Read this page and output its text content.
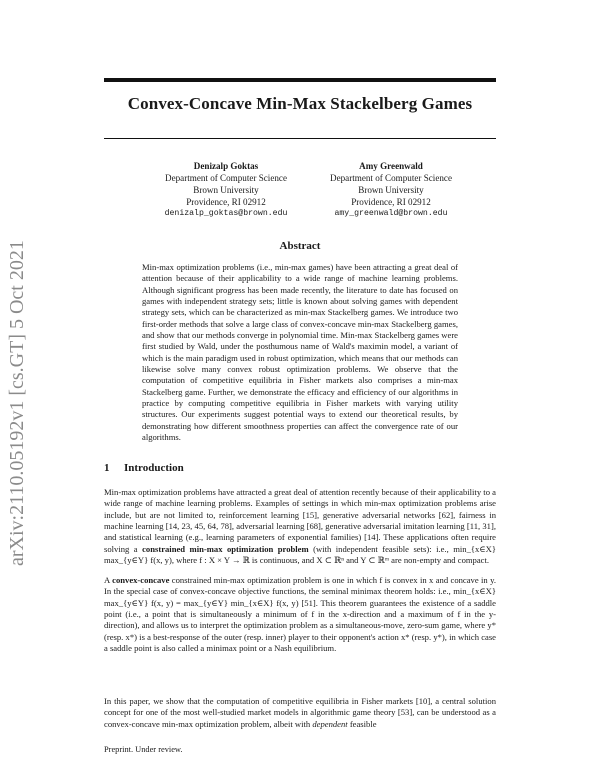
arXiv:2110.05192v1 [cs.GT] 5 Oct 2021
Convex-Concave Min-Max Stackelberg Games
Denizalp Goktas
Department of Computer Science
Brown University
Providence, RI 02912
denizalp_goktas@brown.edu
Amy Greenwald
Department of Computer Science
Brown University
Providence, RI 02912
amy_greenwald@brown.edu
Abstract
Min-max optimization problems (i.e., min-max games) have been attracting a great deal of attention because of their applicability to a wide range of machine learning problems. Although significant progress has been made recently, the literature to date has focused on games with independent strategy sets; little is known about solving games with dependent strategy sets, which can be characterized as min-max Stackelberg games. We introduce two first-order methods that solve a large class of convex-concave min-max Stackelberg games, and show that our methods converge in polynomial time. Min-max Stackelberg games were first studied by Wald, under the posthumous name of Wald's maximin model, a variant of which is the main paradigm used in robust optimization, which means that our methods can likewise solve many convex robust optimization problems. We observe that the computation of competitive equilibria in Fisher markets also comprises a min-max Stackelberg game. Further, we demonstrate the efficacy and efficiency of our algorithms in practice by computing competitive equilibria in Fisher markets with varying utility structures. Our experiments suggest potential ways to extend our theoretical results, by demonstrating how different smoothness properties can affect the convergence rate of our algorithms.
1 Introduction
Min-max optimization problems have attracted a great deal of attention recently because of their applicability to a wide range of machine learning problems. Examples of settings in which min-max optimization problems arise include, but are not limited to, reinforcement learning [15], generative adversarial networks [62], fairness in machine learning [14, 23, 45, 64, 78], adversarial learning [68], generative adversarial imitation learning [11, 31], and statistical learning (e.g., learning parameters of exponential families) [14]. These applications often require solving a constrained min-max optimization problem (with independent feasible sets): i.e., min_{x∈X} max_{y∈Y} f(x, y), where f : X × Y → ℝ is continuous, and X ⊂ ℝⁿ and Y ⊂ ℝᵐ are non-empty and compact.
A convex-concave constrained min-max optimization problem is one in which f is convex in x and concave in y. In the special case of convex-concave objective functions, the seminal minimax theorem holds: i.e., min_{x∈X} max_{y∈Y} f(x, y) = max_{y∈Y} min_{x∈X} f(x, y) [51]. This theorem guarantees the existence of a saddle point (i.e., a point that is simultaneously a minimum of f in the x-direction and a maximum of f in the y-direction), and allows us to interpret the optimization problem as a simultaneous-move, zero-sum game, where y* (resp. x*) is a best-response of the outer (resp. inner) player to their opponent's action x* (resp. y*), in which case a saddle point is also called a minimax point or a Nash equilibrium.
In this paper, we show that the computation of competitive equilibria in Fisher markets [10], a central solution concept for one of the most well-studied market models in algorithmic game theory [53], can be understood as a convex-concave min-max optimization problem, albeit with dependent feasible
Preprint. Under review.
